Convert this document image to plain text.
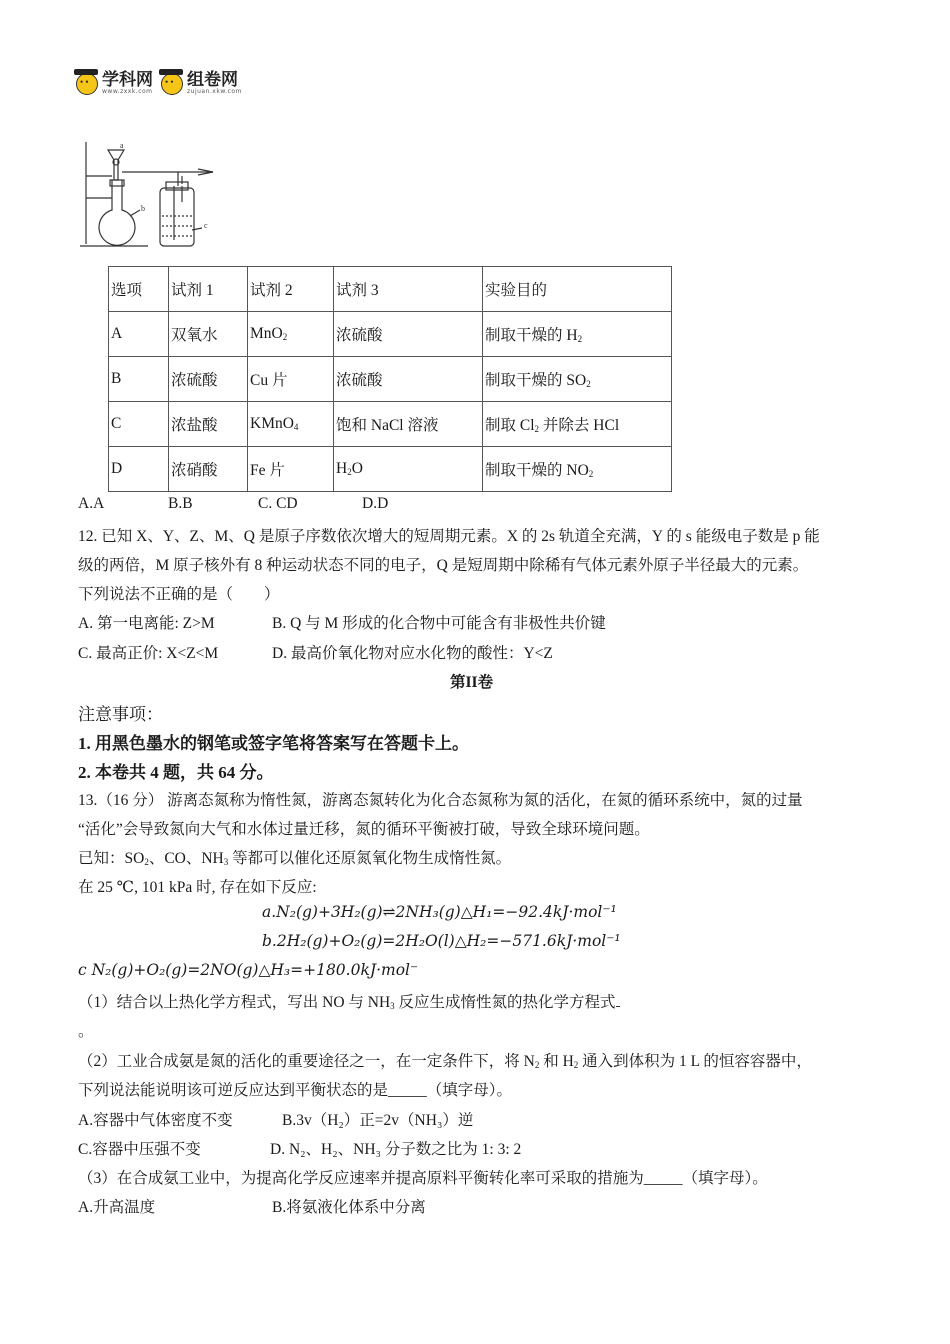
• •
学科网
www.zxxk.com
• •
组卷网
zujuan.xkw.com
a
b
c
选项	试剂 1	试剂 2	试剂 3	实验目的
A	双氧水	MnO$_2$	浓硫酸	制取干燥的 $H_2$
B	浓硫酸	Cu 片	浓硫酸	制取干燥的 $SO_2$
C	浓盐酸	KMnO$_4$	饱和 NaCl 溶液	制取 $Cl_2$ 并除去 HCl
D	浓硝酸	Fe 片	$H_2O$	制取干燥的 $NO_2$
A.A	B.B	C. CD	D.D
12. 已知 X、Y、Z、M、Q 是原子序数依次增大的短周期元素。X 的 2s 轨道全充满，Y 的 s 能级电子数是 p 能
级的两倍，M 原子核外有 8 种运动状态不同的电子，Q 是短周期中除稀有气体元素外原子半径最大的元素。
下列说法不正确的是（　　）
A. 第一电离能: Z>M	B. Q 与 M 形成的化合物中可能含有非极性共价键
C. 最高正价: X<Z<M	D. 最高价氧化物对应水化物的酸性：Y<Z
第II卷
注意事项：
1. 用黑色墨水的钢笔或签字笔将答案写在答题卡上。
2. 本卷共 4 题，共 64 分。
13.（16 分） 游离态氮称为惰性氮，游离态氮转化为化合态氮称为氮的活化，在氮的循环系统中，氮的过量
“活化”会导致氮向大气和水体过量迁移，氮的循环平衡被打破，导致全球环境问题。
已知：$SO_2$、CO、$NH_3$ 等都可以催化还原氮氧化物生成惰性氮。
在 25 ℃, 101 kPa 时, 存在如下反应:
a.N₂(g)+3H₂(g)⇌2NH₃(g)△H₁=−92.4kJ·mol⁻¹
b.2H₂(g)+O₂(g)=2H₂O(l)△H₂=−571.6kJ·mol⁻¹
c N₂(g)+O₂(g)=2NO(g)△H₃=+180.0kJ·mol⁻
（1）结合以上热化学方程式，写出 NO 与 $NH_3$ 反应生成惰性氮的热化学方程式
。
（2）工业合成氨是氮的活化的重要途径之一，在一定条件下，将 $N_2$ 和 $H_2$ 通入到体积为 1 L 的恒容容器中，
下列说法能说明该可逆反应达到平衡状态的是_____（填字母）。
A.容器中气体密度不变	B.3v（H₂）正=2v（NH₃）逆
C.容器中压强不变	D. N₂、H₂、NH₃ 分子数之比为 1: 3: 2
（3）在合成氨工业中，为提高化学反应速率并提高原料平衡转化率可采取的措施为_____（填字母）。
A.升高温度	B.将氨液化体系中分离
